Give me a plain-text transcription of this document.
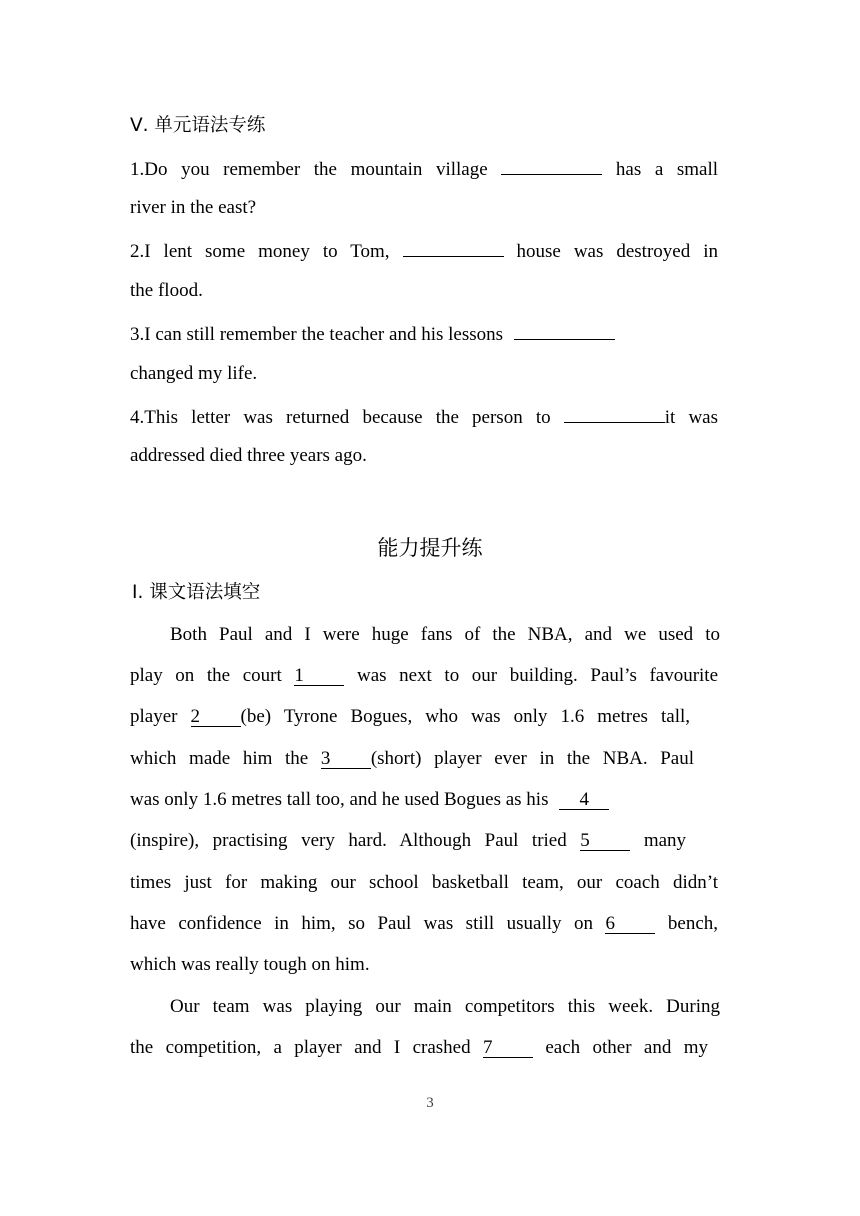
Ⅴ. 单元语法专练
1.Do you remember the mountain village	has a small
river in the east?
2.I lent some money to Tom,	house was destroyed in
the flood.
3.I can still remember the teacher and his lessons
changed my life.
4.This letter was returned because the person to	it was
addressed died three years ago.
能力提升练
Ⅰ. 课文语法填空
Both Paul and I were huge fans of the NBA, and we used to
play on the court 1	was next to our building. Paul’s favourite
player 2 (be) Tyrone Bogues, who was only 1.6 metres tall,
which made him the 3 (short) player ever in the NBA. Paul
was only 1.6 metres tall too, and he used Bogues as his 4
(inspire), practising very hard. Although Paul tried 5	many
times just for making our school basketball team, our coach didn’t
have confidence in him, so Paul was still usually on 6	bench,
which was really tough on him.
Our team was playing our main competitors this week. During
the competition, a player and I crashed 7	each other and my
3
